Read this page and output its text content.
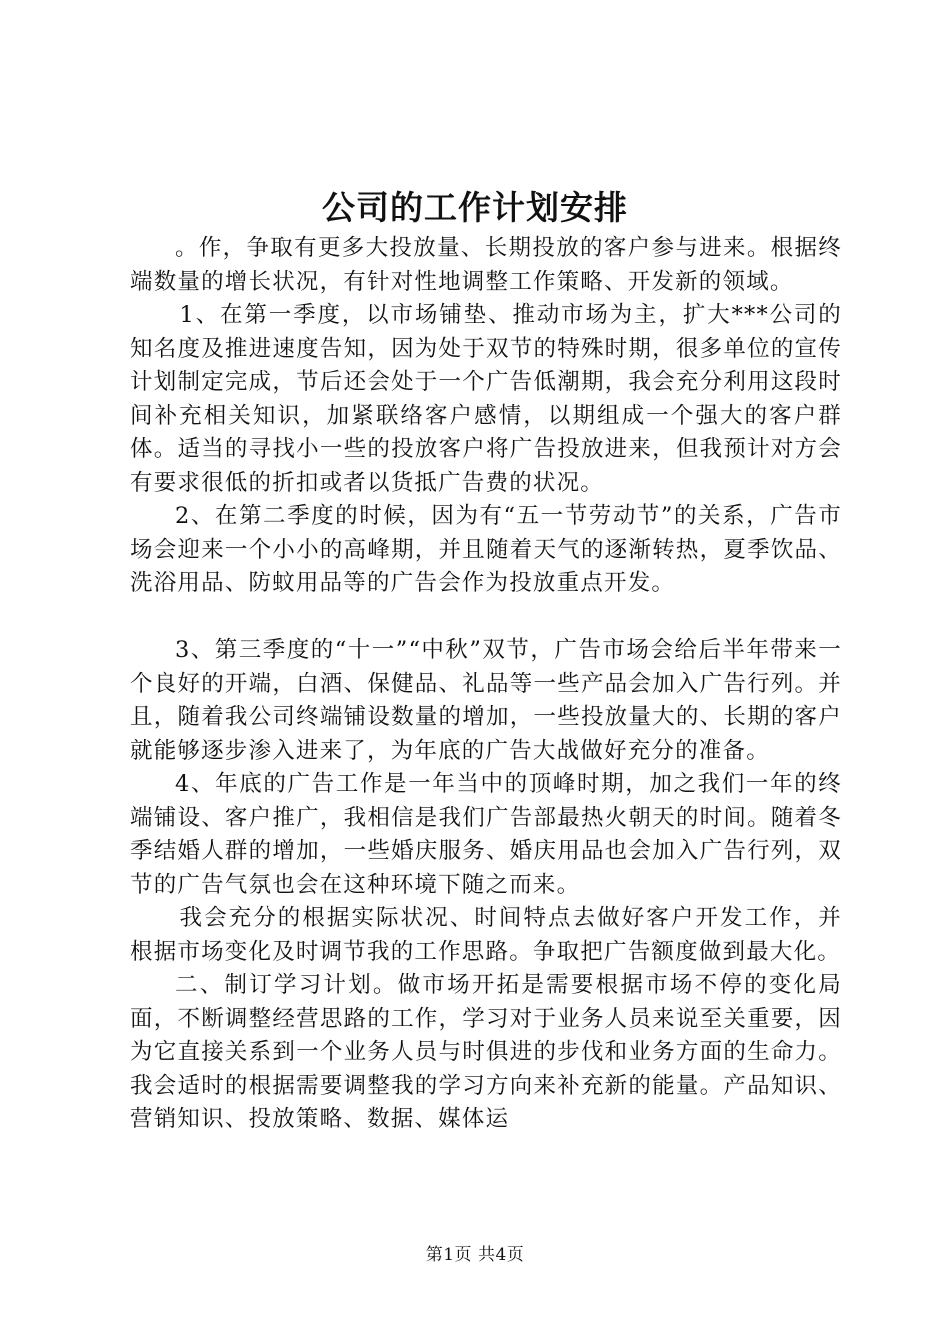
公司的工作计划安排

。作，争取有更多大投放量、长期投放的客户参与进来。根据终端数量的增长状况，有针对性地调整工作策略、开发新的领域。

1、在第一季度，以市场铺垫、推动市场为主，扩大***公司的知名度及推进速度告知，因为处于双节的特殊时期，很多单位的宣传计划制定完成，节后还会处于一个广告低潮期，我会充分利用这段时间补充相关知识，加紧联络客户感情，以期组成一个强大的客户群体。适当的寻找小一些的投放客户将广告投放进来，但我预计对方会有要求很低的折扣或者以货抵广告费的状况。

2、在第二季度的时候，因为有“五一节劳动节”的关系，广告市场会迎来一个小小的高峰期，并且随着天气的逐渐转热，夏季饮品、洗浴用品、防蚊用品等的广告会作为投放重点开发。

3、第三季度的“十一”“中秋”双节，广告市场会给后半年带来一个良好的开端，白酒、保健品、礼品等一些产品会加入广告行列。并且，随着我公司终端铺设数量的增加，一些投放量大的、长期的客户就能够逐步渗入进来了，为年底的广告大战做好充分的准备。

4、年底的广告工作是一年当中的顶峰时期，加之我们一年的终端铺设、客户推广，我相信是我们广告部最热火朝天的时间。随着冬季结婚人群的增加，一些婚庆服务、婚庆用品也会加入广告行列，双节的广告气氛也会在这种环境下随之而来。

我会充分的根据实际状况、时间特点去做好客户开发工作，并根据市场变化及时调节我的工作思路。争取把广告额度做到最大化。

二、制订学习计划。做市场开拓是需要根据市场不停的变化局面，不断调整经营思路的工作，学习对于业务人员来说至关重要，因为它直接关系到一个业务人员与时俱进的步伐和业务方面的生命力。我会适时的根据需要调整我的学习方向来补充新的能量。产品知识、营销知识、投放策略、数据、媒体运

第1页 共4页
